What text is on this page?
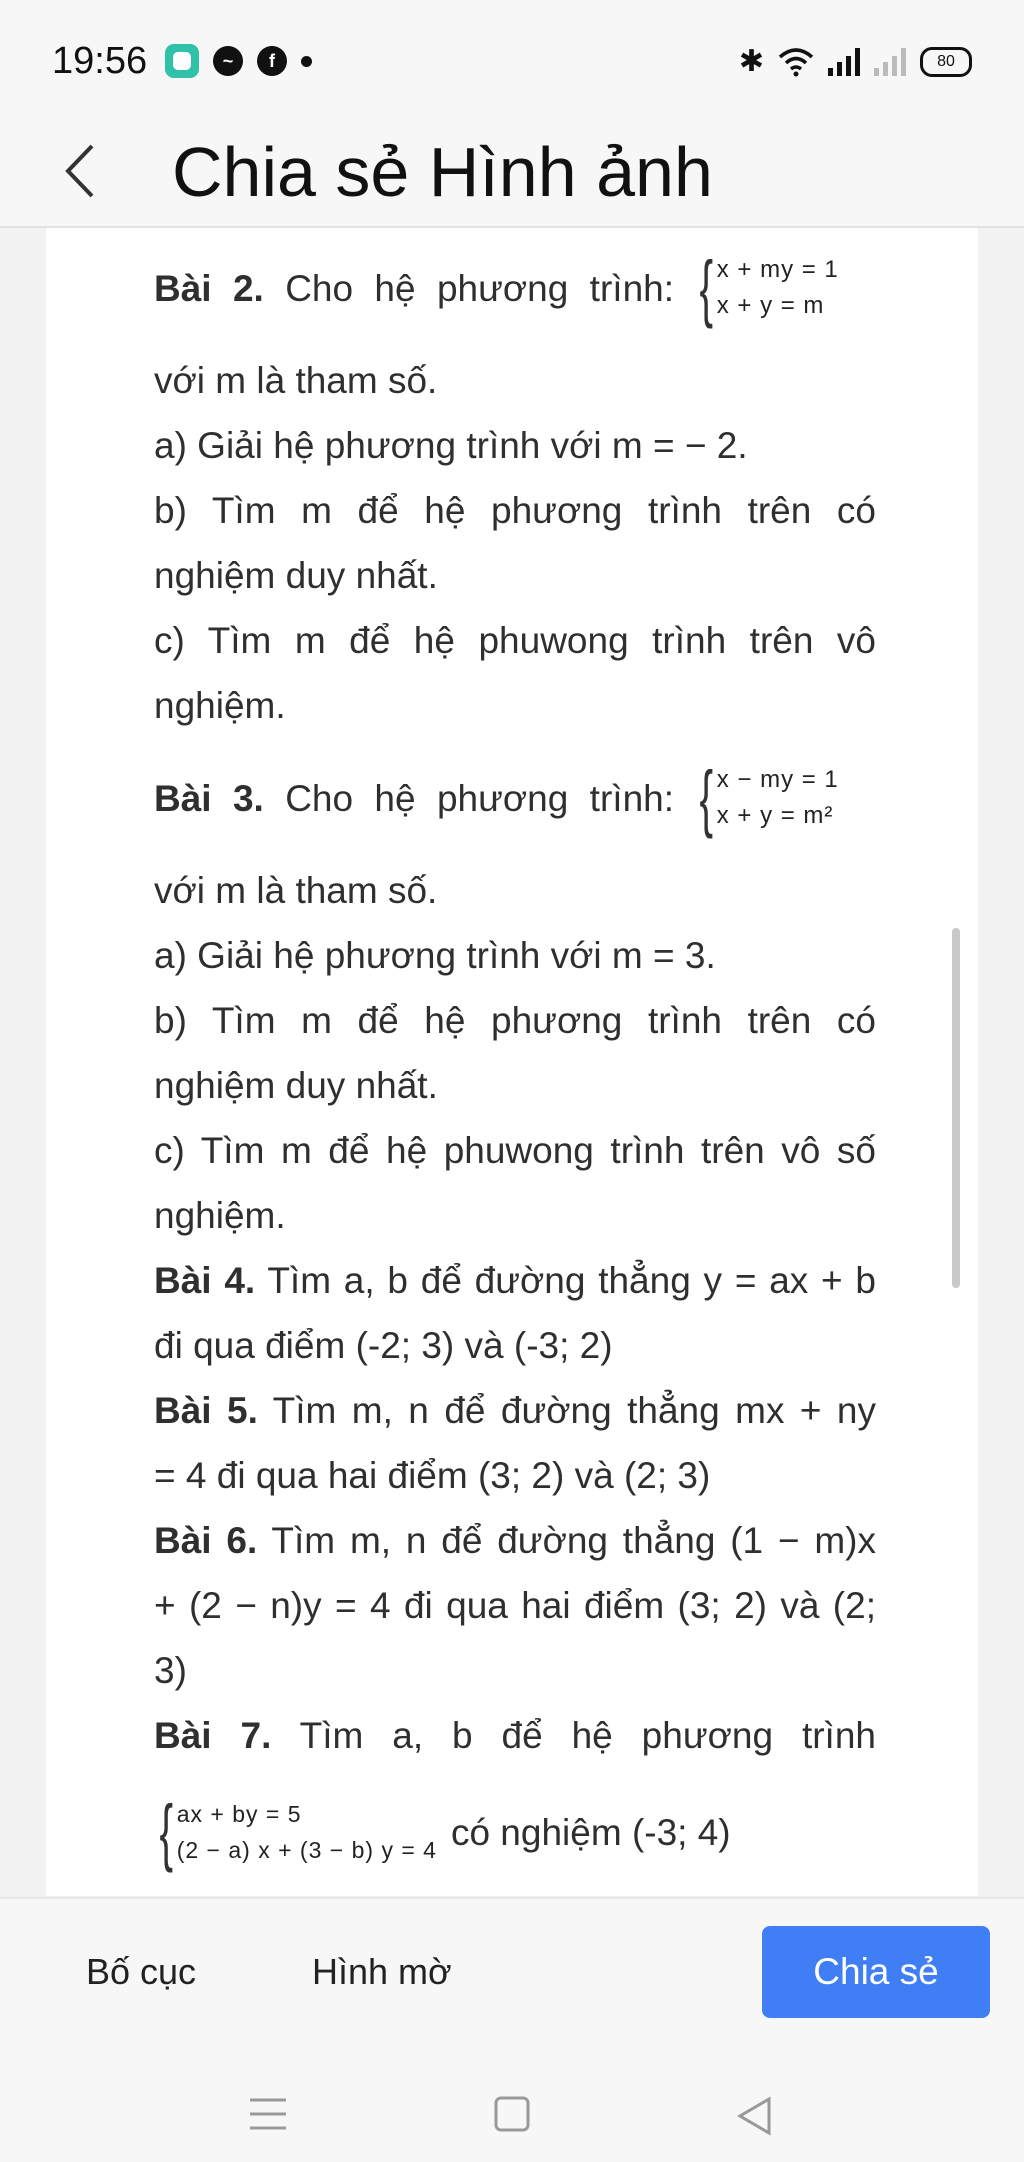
19:56	~	f	✱	80
Chia sẻ Hình ảnh
Bài 2. Cho hệ phương trình: { x + my = 1
x + y = m
với m là tham số.
a) Giải hệ phương trình với m = − 2.
b) Tìm m để hệ phương trình trên có
nghiệm duy nhất.
c) Tìm m để hệ phuwong trình trên vô
nghiệm.
Bài 3. Cho hệ phương trình: { x − my = 1
x + y = m²
với m là tham số.
a) Giải hệ phương trình với m = 3.
b) Tìm m để hệ phương trình trên có
nghiệm duy nhất.
c) Tìm m để hệ phuwong trình trên vô số
nghiệm.
Bài 4. Tìm a, b để đường thẳng y = ax + b
đi qua điểm (-2; 3) và (-3; 2)
Bài 5. Tìm m, n để đường thẳng mx + ny
= 4 đi qua hai điểm (3; 2) và (2; 3)
Bài 6. Tìm m, n để đường thẳng (1 − m)x
+ (2 − n)y = 4 đi qua hai điểm (3; 2) và (2;
3)
Bài 7. Tìm a, b để hệ phương trình
{ ax + by = 5
(2 − a) x + (3 − b) y = 4 có nghiệm (-3; 4)
Bố cục	Hình mờ	Chia sẻ
